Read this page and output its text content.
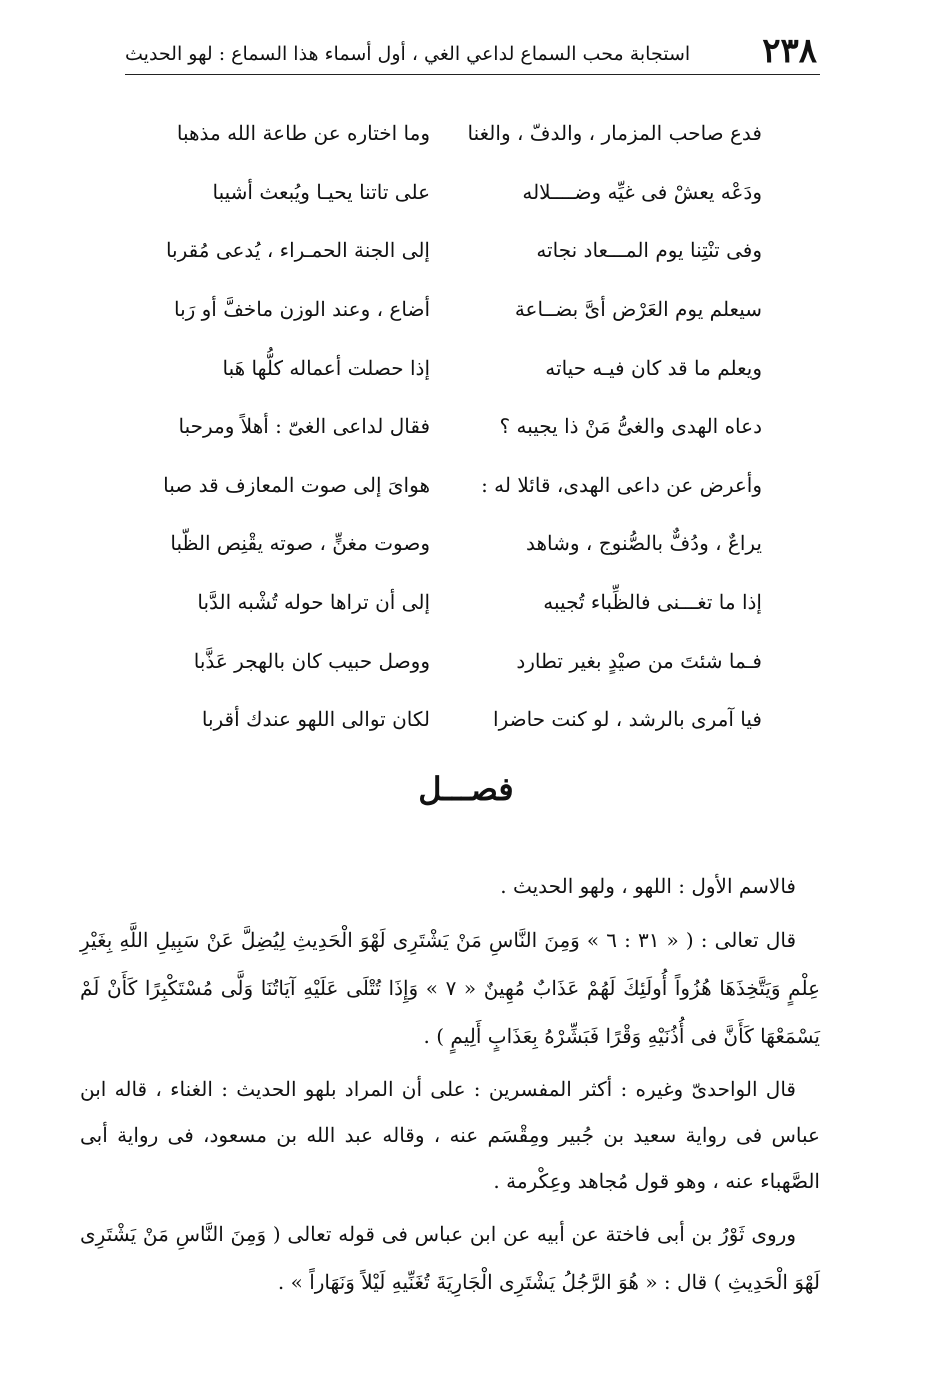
٢٣٨
استجابة محب السماع لداعي الغي ، أول أسماء هذا السماع : لهو الحديث
فدع صاحب المزمار ، والدفّ ، والغنا
وما اختاره عن طاعة الله مذهبا
ودَعْه يعشْ فى غيِّه وضــــلاله
على تاتنا يحيـا ويُبعث أشيبا
وفى تنْتِنا يوم المـــعاد نجاته
إلى الجنة الحمـراء ، يُدعى مُقربا
سيعلم يوم العَرْض أىَّ بضــاعة
أضاع ، وعند الوزن ماخفَّ أو رَبا
ويعلم ما قد كان فيـه حياته
إذا حصلت أعماله كلُّها هَبا
دعاه الهدى والغىُّ مَنْ ذا يجيبه ؟
فقال لداعى الغىّ : أهلاً ومرحبا
وأعرض عن داعى الهدى، قائلا له :
هواىَ إلى صوت المعازف قد صبا
يراعٌ ، ودُفٌّ بالصُّنوج ، وشاهد
وصوت مغنٍّ ، صوته يقْنِص الظّبا
إذا ما تغـــنى فالظِّباء تُجيبه
إلى أن تراها حوله تُشْبه الدَّبا
فـما شئتَ من صيْدٍ بغير تطارد
ووصل حبيب كان بالهجر عَذَّبا
فيا آمرى بالرشد ، لو كنت حاضرا
لكان توالى اللهو عندك أقربا
فصـــل

فالاسم الأول : اللهو ، ولهو الحديث .

قال تعالى : ( « ٣١ : ٦ » وَمِنَ النَّاسِ مَنْ يَشْتَرِى لَهْوَ الْحَدِيثِ لِيُضِلَّ عَنْ سَبِيلِ اللَّهِ بِغَيْرِ عِلْمٍ وَيَتَّخِذَهَا هُزُواً أُولَئِكَ لَهُمْ عَذَابٌ مُهِينٌ « ٧ » وَإِذَا تُتْلَى عَلَيْهِ آيَاتُنَا وَلَّى مُسْتَكْبِرًا كَأَنْ لَمْ يَسْمَعْهَا كَأَنَّ فى أُذُنَيْهِ وَقْرًا فَبَشِّرْهُ بِعَذَابٍ أَلِيمٍ ) .

قال الواحدىّ وغيره : أكثر المفسرين : على أن المراد بلهو الحديث : الغناء ، قاله ابن عباس فى رواية سعيد بن جُبير ومِقْسَم عنه ، وقاله عبد الله بن مسعود، فى رواية أبى الصَّهباء عنه ، وهو قول مُجاهد وعِكْرمة .

وروى ثَوْرُ بن أبى فاختة عن أبيه عن ابن عباس فى قوله تعالى ( وَمِنَ النَّاسِ مَنْ يَشْتَرِى لَهْوَ الْحَدِيثِ ) قال : « هُوَ الرَّجُلُ يَشْتَرِى الْجَارِيَةَ تُغَنِّيهِ لَيْلاً وَنَهَاراً » .
